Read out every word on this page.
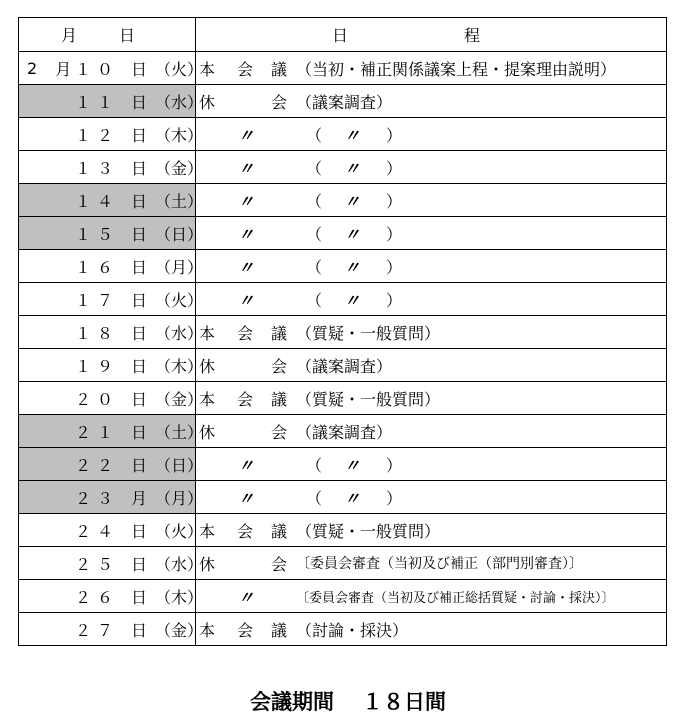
月 日	日 程

2 月 １０ 日 （火）	本 会 議 （当初・補正関係議案上程・提案理由説明）

１１ 日 （水）	休 会 （議案調査）

１２ 日 （木）	〃 （ 〃 ）

１３ 日 （金）	〃 （ 〃 ）

１４ 日 （土）	〃 （ 〃 ）

１５ 日 （日）	〃 （ 〃 ）

１６ 日 （月）	〃 （ 〃 ）

１７ 日 （火）	〃 （ 〃 ）

１８ 日 （水）	本 会 議 （質疑・一般質問）

１９ 日 （木）	休 会 （議案調査）

２０ 日 （金）	本 会 議 （質疑・一般質問）

２１ 日 （土）	休 会 （議案調査）

２２ 日 （日）	〃 （ 〃 ）

２３ 月 （月）	〃 （ 〃 ）

２４ 日 （火）	本 会 議 （質疑・一般質問）

２５ 日 （水）	休 会 〔委員会審査（当初及び補正（部門別審査）〕

２６ 日 （木）	〃 〔委員会審査（当初及び補正総括質疑・討論・採決）〕

２７ 日 （金）	本 会 議 （討論・採決）
会議期間 １８日間
